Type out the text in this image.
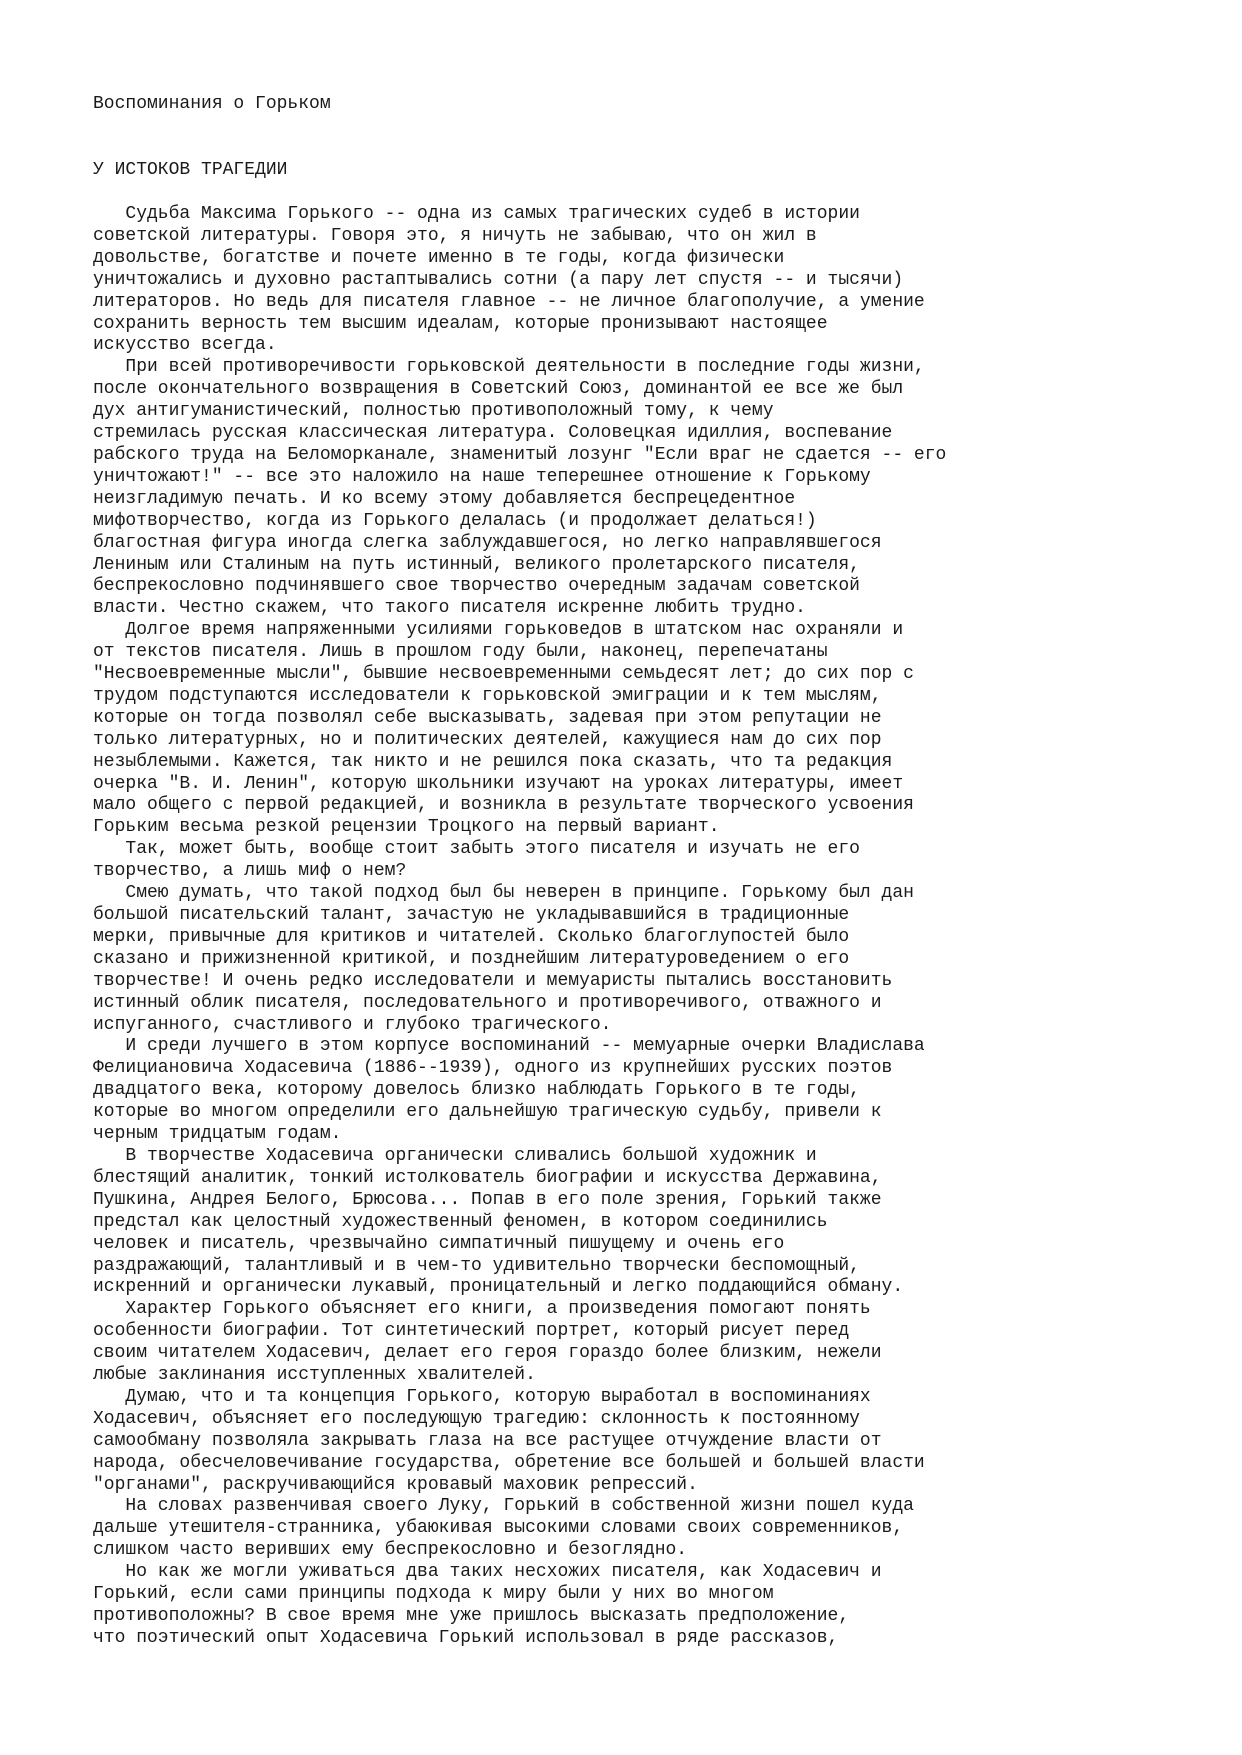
Воспоминания о Горьком
У ИСТОКОВ ТРАГЕДИИ
Судьба Максима Горького -- одна из самых трагических судеб в истории
советской литературы. Говоря это, я ничуть не забываю, что он жил в
довольстве, богатстве и почете именно в те годы, когда физически
уничтожались и духовно растаптывались сотни (а пару лет спустя -- и тысячи)
литераторов. Но ведь для писателя главное -- не личное благополучие, а умение
сохранить верность тем высшим идеалам, которые пронизывают настоящее
искусство всегда.
При всей противоречивости горьковской деятельности в последние годы жизни,
после окончательного возвращения в Советский Союз, доминантой ее все же был
дух антигуманистический, полностью противоположный тому, к чему
стремилась русская классическая литература. Соловецкая идиллия, воспевание
рабского труда на Беломорканале, знаменитый лозунг "Если враг не сдается -- его
уничтожают!" -- все это наложило на наше теперешнее отношение к Горькому
неизгладимую печать. И ко всему этому добавляется беспрецедентное
мифотворчество, когда из Горького делалась (и продолжает делаться!)
благостная фигура иногда слегка заблуждавшегося, но легко направлявшегося
Лениным или Сталиным на путь истинный, великого пролетарского писателя,
беспрекословно подчинявшего свое творчество очередным задачам советской
власти. Честно скажем, что такого писателя искренне любить трудно.
Долгое время напряженными усилиями горьковедов в штатском нас охраняли и
от текстов писателя. Лишь в прошлом году были, наконец, перепечатаны
"Несвоевременные мысли", бывшие несвоевременными семьдесят лет; до сих пор с
трудом подступаются исследователи к горьковской эмиграции и к тем мыслям,
которые он тогда позволял себе высказывать, задевая при этом репутации не
только литературных, но и политических деятелей, кажущиеся нам до сих пор
незыблемыми. Кажется, так никто и не решился пока сказать, что та редакция
очерка "В. И. Ленин", которую школьники изучают на уроках литературы, имеет
мало общего с первой редакцией, и возникла в результате творческого усвоения
Горьким весьма резкой рецензии Троцкого на первый вариант.
Так, может быть, вообще стоит забыть этого писателя и изучать не его
творчество, а лишь миф о нем?
Смею думать, что такой подход был бы неверен в принципе. Горькому был дан
большой писательский талант, зачастую не укладывавшийся в традиционные
мерки, привычные для критиков и читателей. Сколько благоглупостей было
сказано и прижизненной критикой, и позднейшим литературоведением о его
творчестве! И очень редко исследователи и мемуаристы пытались восстановить
истинный облик писателя, последовательного и противоречивого, отважного и
испуганного, счастливого и глубоко трагического.
И среди лучшего в этом корпусе воспоминаний -- мемуарные очерки Владислава
Фелициановича Ходасевича (1886--1939), одного из крупнейших русских поэтов
двадцатого века, которому довелось близко наблюдать Горького в те годы,
которые во многом определили его дальнейшую трагическую судьбу, привели к
черным тридцатым годам.
В творчестве Ходасевича органически сливались большой художник и
блестящий аналитик, тонкий истолкователь биографии и искусства Державина,
Пушкина, Андрея Белого, Брюсова... Попав в его поле зрения, Горький также
предстал как целостный художественный феномен, в котором соединились
человек и писатель, чрезвычайно симпатичный пишущему и очень его
раздражающий, талантливый и в чем-то удивительно творчески беспомощный,
искренний и органически лукавый, проницательный и легко поддающийся обману.
Характер Горького объясняет его книги, а произведения помогают понять
особенности биографии. Тот синтетический портрет, который рисует перед
своим читателем Ходасевич, делает его героя гораздо более близким, нежели
любые заклинания исступленных хвалителей.
Думаю, что и та концепция Горького, которую выработал в воспоминаниях
Ходасевич, объясняет его последующую трагедию: склонность к постоянному
самообману позволяла закрывать глаза на все растущее отчуждение власти от
народа, обесчеловечивание государства, обретение все большей и большей власти
"органами", раскручивающийся кровавый маховик репрессий.
На словах развенчивая своего Луку, Горький в собственной жизни пошел куда
дальше утешителя-странника, убаюкивая высокими словами своих современников,
слишком часто веривших ему беспрекословно и безоглядно.
Но как же могли уживаться два таких несхожих писателя, как Ходасевич и
Горький, если сами принципы подхода к миру были у них во многом
противоположны? В свое время мне уже пришлось высказать предположение,
что поэтический опыт Ходасевича Горький использовал в ряде рассказов,
